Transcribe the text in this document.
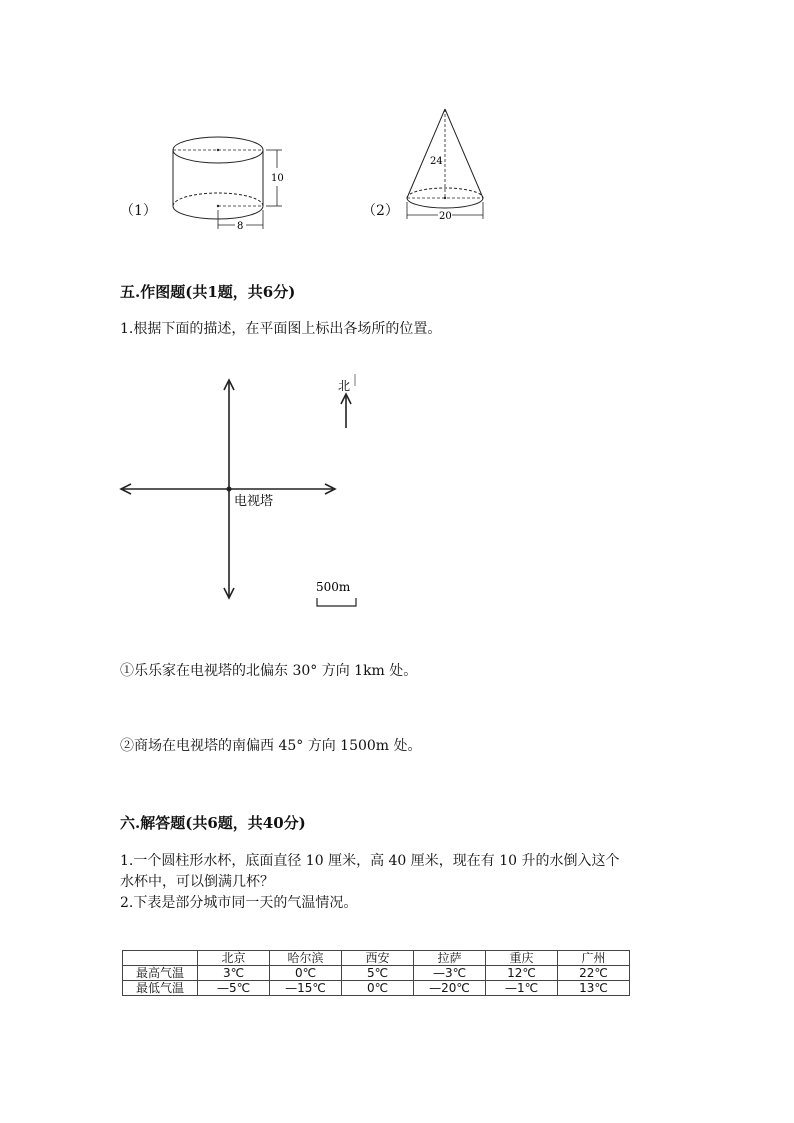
（1）
10
8
（2）
24
20
五.作图题(共1题，共6分)
1.根据下面的描述，在平面图上标出各场所的位置。
电视塔
北
500m
①乐乐家在电视塔的北偏东 30° 方向 1km 处。
②商场在电视塔的南偏西 45° 方向 1500m 处。
六.解答题(共6题，共40分)
1.一个圆柱形水杯，底面直径 10 厘米，高 40 厘米，现在有 10 升的水倒入这个
水杯中，可以倒满几杯？
2.下表是部分城市同一天的气温情况。
	北京	哈尔滨	西安	拉萨	重庆	广州
最高气温	3℃	0℃	5℃	—3℃	12℃	22℃
最低气温	—5℃	—15℃	0℃	—20℃	—1℃	13℃
